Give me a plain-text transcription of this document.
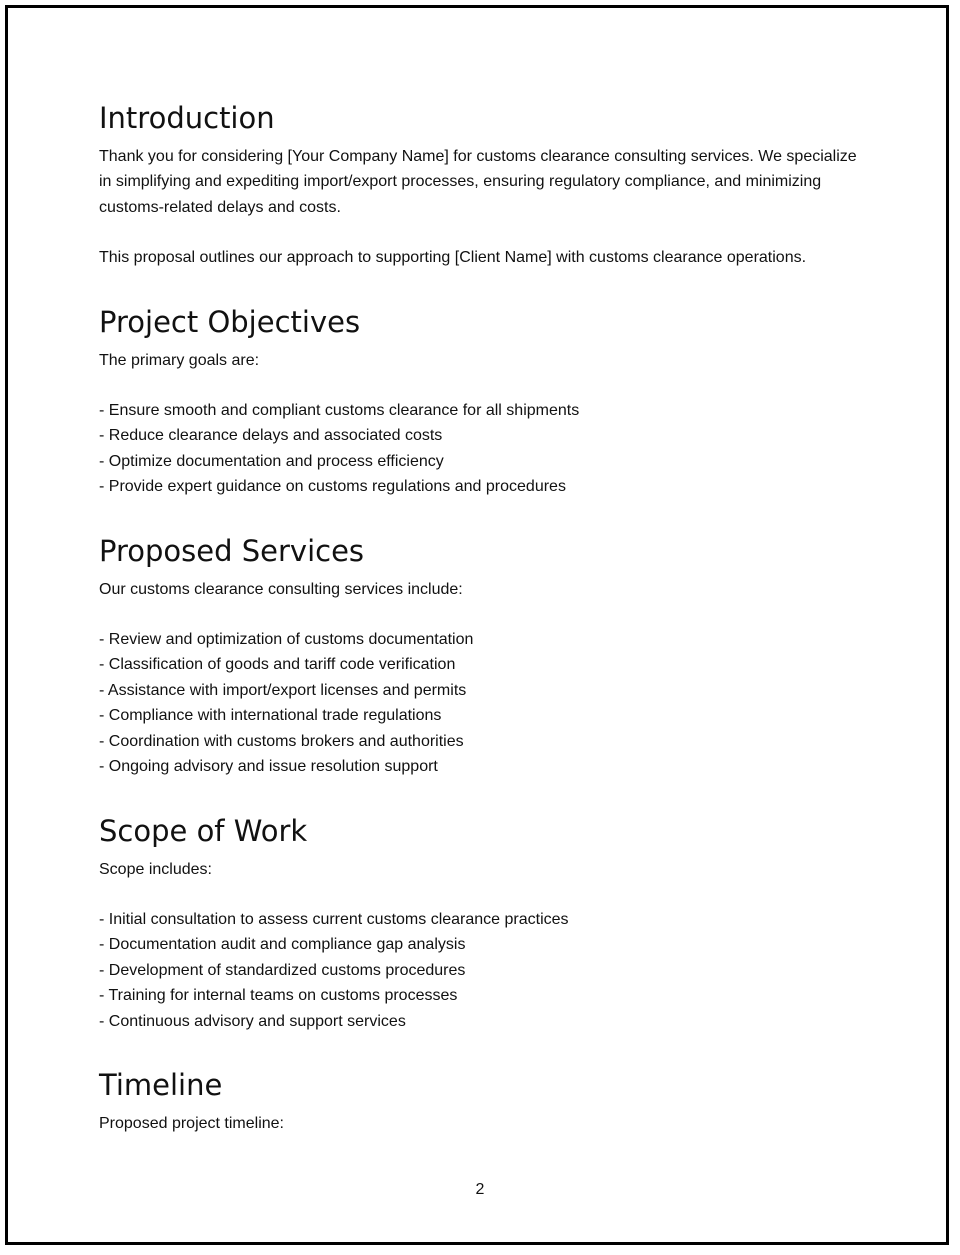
Introduction

Thank you for considering [Your Company Name] for customs clearance consulting services. We specialize in simplifying and expediting import/export processes, ensuring regulatory compliance, and minimizing customs-related delays and costs.

This proposal outlines our approach to supporting [Client Name] with customs clearance operations.

Project Objectives

The primary goals are:

- Ensure smooth and compliant customs clearance for all shipments
- Reduce clearance delays and associated costs
- Optimize documentation and process efficiency
- Provide expert guidance on customs regulations and procedures
Proposed Services

Our customs clearance consulting services include:

- Review and optimization of customs documentation
- Classification of goods and tariff code verification
- Assistance with import/export licenses and permits
- Compliance with international trade regulations
- Coordination with customs brokers and authorities
- Ongoing advisory and issue resolution support
Scope of Work

Scope includes:

- Initial consultation to assess current customs clearance practices
- Documentation audit and compliance gap analysis
- Development of standardized customs procedures
- Training for internal teams on customs processes
- Continuous advisory and support services
Timeline

Proposed project timeline:

2
